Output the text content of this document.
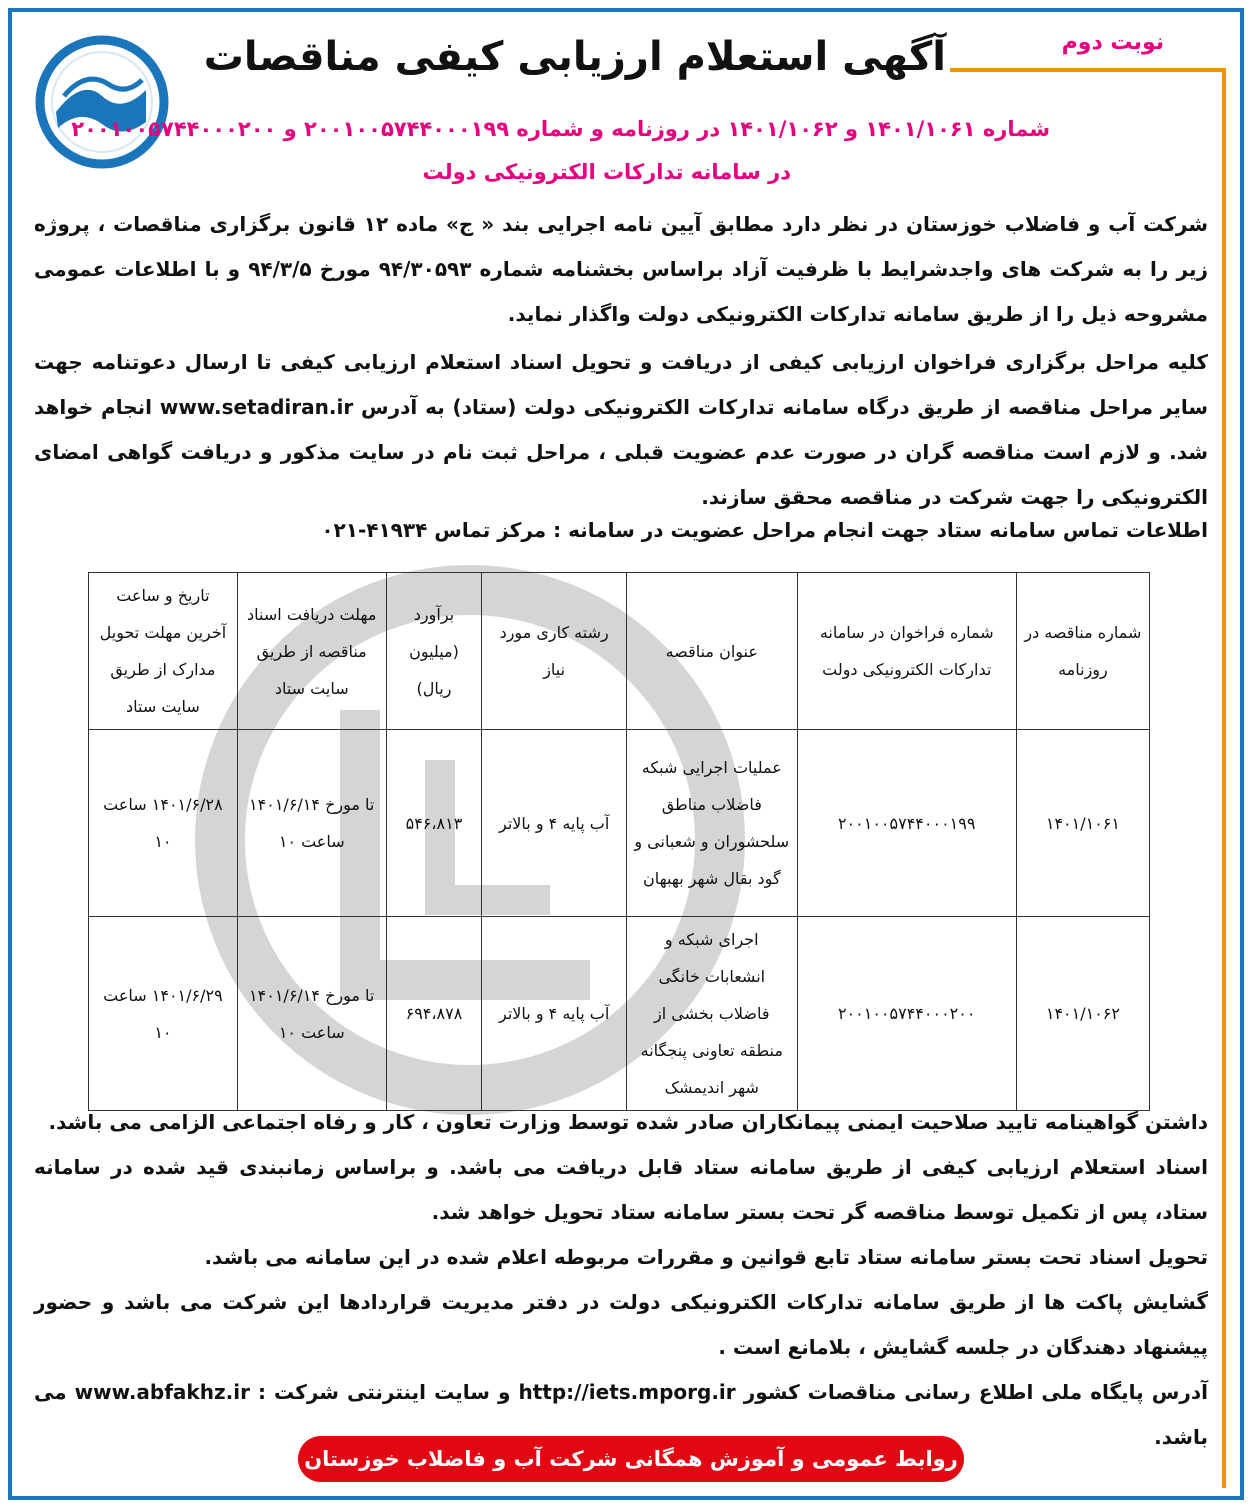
نوبت دوم
آگهی استعلام ارزیابی کیفی مناقصات
شماره ۱۴۰۱/۱۰۶۱ و ۱۴۰۱/۱۰۶۲ در روزنامه و شماره ۲۰۰۱۰۰۵۷۴۴۰۰۰۱۹۹ و ۲۰۰۱۰۰۵۷۴۴۰۰۰۲۰۰
در سامانه تدارکات الکترونیکی دولت
شرکت آب و فاضلاب خوزستان در نظر دارد مطابق آیین نامه اجرایی بند « ج» ماده ۱۲ قانون برگزاری مناقصات ، پروژه زیر را به شرکت های واجدشرایط با ظرفیت آزاد براساس بخشنامه شماره ۹۴/۳۰۵۹۳ مورخ ۹۴/۳/۵ و با اطلاعات عمومی مشروحه ذیل را از طریق سامانه تدارکات الکترونیکی دولت واگذار نماید.
کلیه مراحل برگزاری فراخوان ارزیابی کیفی از دریافت و تحویل اسناد استعلام ارزیابی کیفی تا ارسال دعوتنامه جهت سایر مراحل مناقصه از طریق درگاه سامانه تدارکات الکترونیکی دولت (ستاد) به آدرس www.setadiran.ir انجام خواهد شد. و لازم است مناقصه گران در صورت عدم عضویت قبلی ، مراحل ثبت نام در سایت مذکور و دریافت گواهی امضای الکترونیکی را جهت شرکت در مناقصه محقق سازند.
اطلاعات تماس سامانه ستاد جهت انجام مراحل عضویت در سامانه : مرکز تماس ۴۱۹۳۴-۰۲۱
شماره مناقصه در روزنامه	شماره فراخوان در سامانه تدارکات الکترونیکی دولت	عنوان مناقصه	رشته کاری مورد نیاز	برآورد (میلیون ریال)	مهلت دریافت اسناد مناقصه از طریق سایت ستاد	تاریخ و ساعت آخرین مهلت تحویل مدارک از طریق سایت ستاد
۱۴۰۱/۱۰۶۱	۲۰۰۱۰۰۵۷۴۴۰۰۰۱۹۹	عملیات اجرایی شبکه فاضلاب مناطق سلحشوران و شعبانی و گود بقال شهر بهبهان	آب پایه ۴ و بالاتر	۵۴۶،۸۱۳	تا مورخ ۱۴۰۱/۶/۱۴ ساعت ۱۰	۱۴۰۱/۶/۲۸ ساعت ۱۰
۱۴۰۱/۱۰۶۲	۲۰۰۱۰۰۵۷۴۴۰۰۰۲۰۰	اجرای شبکه و انشعابات خانگی فاضلاب بخشی از منطقه تعاونی پنجگانه شهر اندیمشک	آب پایه ۴ و بالاتر	۶۹۴،۸۷۸	تا مورخ ۱۴۰۱/۶/۱۴ ساعت ۱۰	۱۴۰۱/۶/۲۹ ساعت ۱۰
داشتن گواهینامه تایید صلاحیت ایمنی پیمانکاران صادر شده توسط وزارت تعاون ، کار و رفاه اجتماعی الزامی می باشد.
اسناد استعلام ارزیابی کیفی از طریق سامانه ستاد قابل دریافت می باشد. و براساس زمانبندی قید شده در سامانه ستاد، پس از تکمیل توسط مناقصه گر تحت بستر سامانه ستاد تحویل خواهد شد.
تحویل اسناد تحت بستر سامانه ستاد تابع قوانین و مقررات مربوطه اعلام شده در این سامانه می باشد.
گشایش پاکت ها از طریق سامانه تدارکات الکترونیکی دولت در دفتر مدیریت قراردادها این شرکت می باشد و حضور پیشنهاد دهندگان در جلسه گشایش ، بلامانع است .
آدرس پایگاه ملی اطلاع رسانی مناقصات کشور http://iets.mporg.ir و سایت اینترنتی شرکت : www.abfakhz.ir می باشد.
روابط عمومی و آموزش همگانی شرکت آب و فاضلاب خوزستان
